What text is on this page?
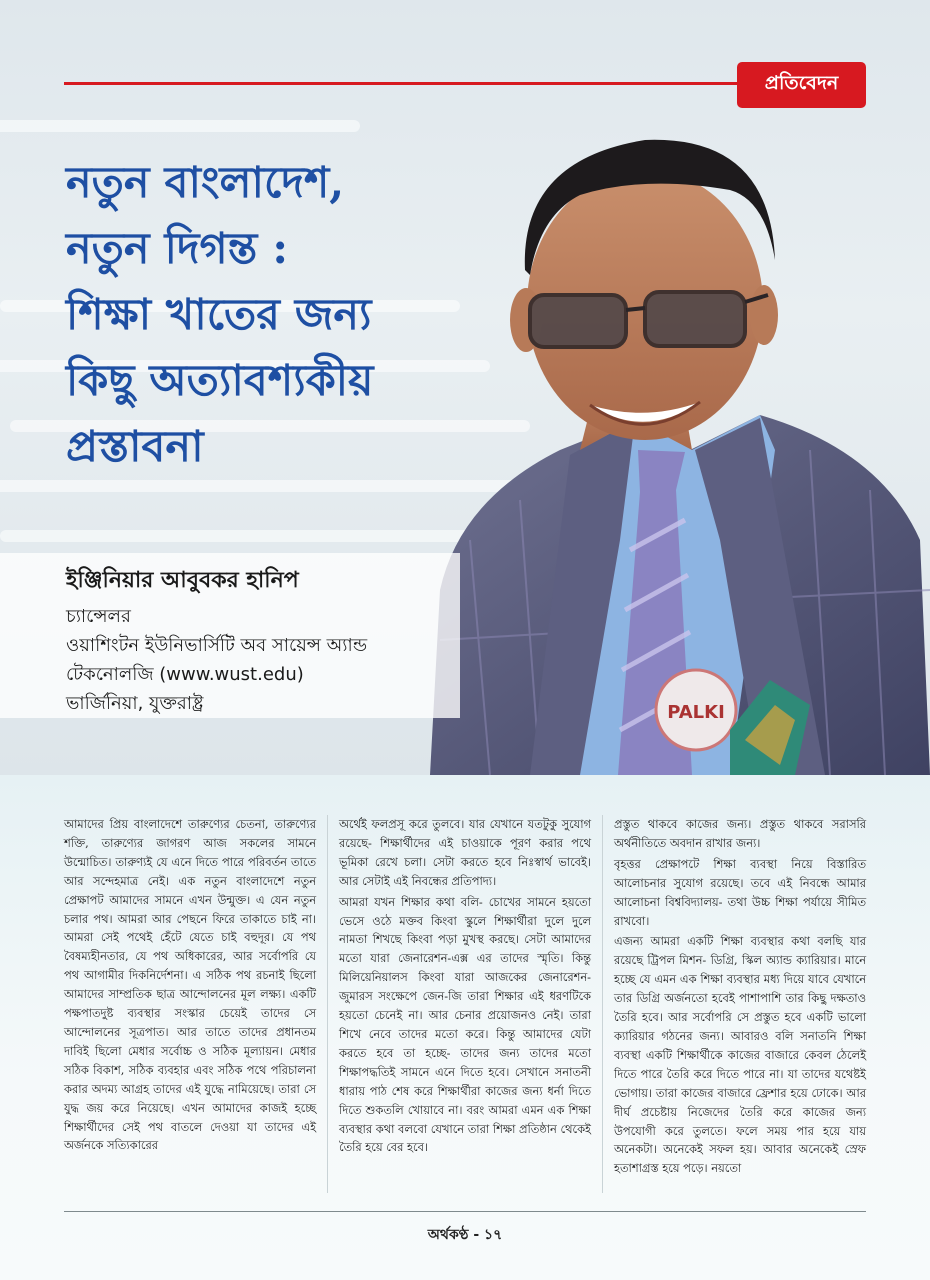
প্রতিবেদন
নতুন বাংলাদেশ,
নতুন দিগন্ত :
শিক্ষা খাতের জন্য
কিছু অত্যাবশ্যকীয়
প্রস্তাবনা
PALKI
ইঞ্জিনিয়ার আবুবকর হানিপ
চ্যান্সেলর
ওয়াশিংটন ইউনিভার্সিটি অব সায়েন্স অ্যান্ড
টেকনোলজি (www.wust.edu)
ভার্জিনিয়া, যুক্তরাষ্ট্র

আমাদের প্রিয় বাংলাদেশে তারুণ্যের চেতনা, তারুণ্যের শক্তি, তারুণ্যের জাগরণ আজ সকলের সামনে উন্মোচিত। তারুণ্যই যে এনে দিতে পারে পরিবর্তন তাতে আর সন্দেহমাত্র নেই। এক নতুন বাংলাদেশে নতুন প্রেক্ষাপট আমাদের সামনে এখন উন্মুক্ত। এ যেন নতুন চলার পথ। আমরা আর পেছনে ফিরে তাকাতে চাই না। আমরা সেই পথেই হেঁটে যেতে চাই বহুদূর। যে পথ বৈষম্যহীনতার, যে পথ অধিকারের, আর সর্বোপরি যে পথ আগামীর দিকনির্দেশনা। এ সঠিক পথ রচনাই ছিলো আমাদের সাম্প্রতিক ছাত্র আন্দোলনের মূল লক্ষ্য। একটি পক্ষপাতদুষ্ট ব্যবস্থার সংস্কার চেয়েই তাদের সে আন্দোলনের সূত্রপাত। আর তাতে তাদের প্রধানতম দাবিই ছিলো মেধার সর্বোচ্চ ও সঠিক মূল্যায়ন। মেধার সঠিক বিকাশ, সঠিক ব্যবহার এবং সঠিক পথে পরিচালনা করার অদম্য আগ্রহ তাদের এই যুদ্ধে নামিয়েছে। তারা সে যুদ্ধ জয় করে নিয়েছে। এখন আমাদের কাজই হচ্ছে শিক্ষার্থীদের সেই পথ বাতলে দেওয়া যা তাদের এই অর্জনকে সত্যিকারের

অর্থেই ফলপ্রসূ করে তুলবে। যার যেখানে যতটুকু সুযোগ রয়েছে- শিক্ষার্থীদের এই চাওয়াকে পূরণ করার পথে ভূমিকা রেখে চলা। সেটা করতে হবে নিঃস্বার্থ ভাবেই। আর সেটাই এই নিবন্ধের প্রতিপাদ্য।

আমরা যখন শিক্ষার কথা বলি- চোখের সামনে হয়তো ভেসে ওঠে মক্তব কিংবা স্কুলে শিক্ষার্থীরা দুলে দুলে নামতা শিখছে কিংবা পড়া মুখস্থ করছে। সেটা আমাদের মতো যারা জেনারেশন-এক্স এর তাদের স্মৃতি। কিন্তু মিলিয়েনিয়ালস কিংবা যারা আজকের জেনারেশন-জুমারস সংক্ষেপে জেন-জি তারা শিক্ষার এই ধরণটিকে হয়তো চেনেই না। আর চেনার প্রয়োজনও নেই। তারা শিখে নেবে তাদের মতো করে। কিন্তু আমাদের যেটা করতে হবে তা হচ্ছে- তাদের জন্য তাদের মতো শিক্ষাপদ্ধতিই সামনে এনে দিতে হবে। সেখানে সনাতনী ধারায় পাঠ শেষ করে শিক্ষার্থীরা কাজের জন্য ধর্না দিতে দিতে শুকতলি খোয়াবে না। বরং আমরা এমন এক শিক্ষা ব্যবস্থার কথা বলবো যেখানে তারা শিক্ষা প্রতিষ্ঠান থেকেই তৈরি হয়ে বের হবে।

প্রস্তুত থাকবে কাজের জন্য। প্রস্তুত থাকবে সরাসরি অর্থনীতিতে অবদান রাখার জন্য।

বৃহত্তর প্রেক্ষাপটে শিক্ষা ব্যবস্থা নিয়ে বিস্তারিত আলোচনার সুযোগ রয়েছে। তবে এই নিবন্ধে আমার আলোচনা বিশ্ববিদ্যালয়- তথা উচ্চ শিক্ষা পর্যায়ে সীমিত রাখবো।

এজন্য আমরা একটি শিক্ষা ব্যবস্থার কথা বলছি যার রয়েছে ট্রিপল মিশন- ডিগ্রি, স্কিল অ্যান্ড ক্যারিয়ার। মানে হচ্ছে যে এমন এক শিক্ষা ব্যবস্থার মধ্য দিয়ে যাবে যেখানে তার ডিগ্রি অর্জনতো হবেই পাশাপাশি তার কিছু দক্ষতাও তৈরি হবে। আর সর্বোপরি সে প্রস্তুত হবে একটি ভালো ক্যারিয়ার গঠনের জন্য। আবারও বলি সনাতনি শিক্ষা ব্যবস্থা একটি শিক্ষার্থীকে কাজের বাজারে কেবল ঠেলেই দিতে পারে তৈরি করে দিতে পারে না। যা তাদের যথেষ্টই ভোগায়। তারা কাজের বাজারে ফ্রেশার হয়ে ঢোকে। আর দীর্ঘ প্রচেষ্টায় নিজেদের তৈরি করে কাজের জন্য উপযোগী করে তুলতে। ফলে সময় পার হয়ে যায় অনেকটা। অনেকেই সফল হয়। আবার অনেকেই স্রেফ হতাশাগ্রস্ত হয়ে পড়ে। নয়তো

অর্থকণ্ঠ - ১৭
